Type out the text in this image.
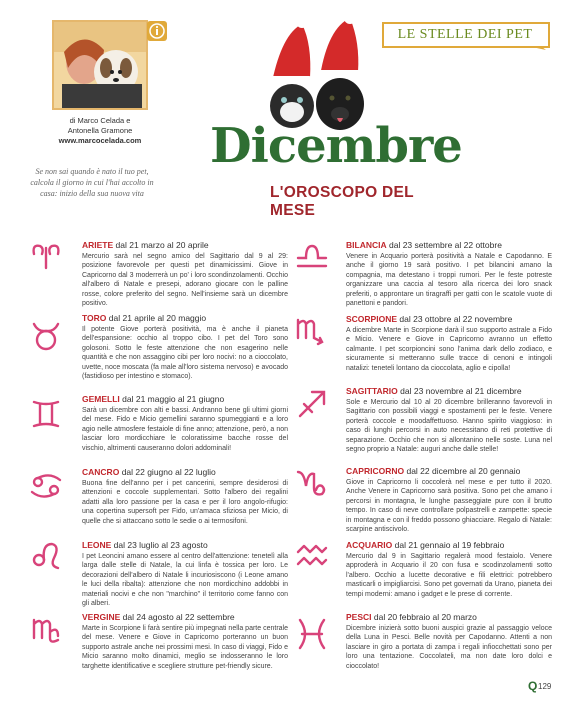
di Marco Celada e
Antonella Gramone
www.marcocelada.com
Se non sai quando è nato il tuo pet, calcola il giorno in cui l'hai accolto in casa: inizio della sua nuova vita
LE STELLE DEI PET
Dicembre
L'OROSCOPO DEL MESE
ARIETE dal 21 marzo al 20 aprile
Mercurio sarà nel segno amico del Sagittario dal 9 al 29: posizione favorevole per questi pet dinamicissimi. Giove in Capricorno dal 3 moderrerà un po' i loro scondinzolamenti. Occhio all'albero di Natale e presepi, adorano giocare con le palline rosse, colore preferito del segno. Nell'insieme sarà un dicembre positivo.
TORO dal 21 aprile al 20 maggio
Il potente Giove porterà positività, ma è anche il pianeta dell'espansione: occhio al troppo cibo. I pet del Toro sono golosoni. Sotto le feste attenzione che non esagerino nelle quantità e che non assaggino cibi per loro nocivi: no a cioccolato, uvette, noce moscata (fa male all'loro sistema nervoso) e avocado (fastidioso per intestino e stomaco).
GEMELLI dal 21 maggio al 21 giugno
Sarà un dicembre con alti e bassi. Andranno bene gli ultimi giorni del mese. Fido e Micio gemellini saranno spumeggianti e a loro agio nelle atmosfere festaiole di fine anno; attenzione, però, a non lasciar loro mordicchiare le coloratissime bacche rosse del vischio, altrimenti causeranno dolori addominali!
CANCRO dal 22 giugno al 22 luglio
Buona fine dell'anno per i pet cancerini, sempre desiderosi di attenzioni e coccole supplementari. Sotto l'albero dei regalini adatti alla loro passione per la casa e per il loro angolo-rifugio: una copertina supersoft per Fido, un'amaca sfiziosa per Micio, di quelle che si attaccano sotto le sedie o ai termosifoni.
LEONE dal 23 luglio al 23 agosto
I pet Leoncini amano essere al centro dell'attenzione: tenetelì alla larga dalle stelle di Natale, la cui linfa è tossica per loro. Le decorazioni dell'albero di Natale li incuriosiscono (i Leone amano le luci della ribalta): attenzione che non mordicchino addobbi in materiali nocivi e che non "marchino" il territorio come fanno con gli alberi.
VERGINE dal 24 agosto al 22 settembre
Marte in Scorpione li farà sentire più impegnati nella parte centrale del mese. Venere e Giove in Capricorno porteranno un buon supporto astrale anche nei prossimi mesi. In caso di viaggi, Fido e Micio saranno molto dinamici, meglio se indosseranno le loro targhette identificative e scegliere strutture pet-friendly sicure.
BILANCIA dal 23 settembre al 22 ottobre
Venere in Acquario porterà positività a Natale e Capodanno. E anche il giorno 19 sarà positivo. I pet bilancini amano la compagnia, ma detestano i troppi rumori. Per le feste potreste organizzare una caccia al tesoro alla ricerca dei loro snack preferiti, o approntare un tiragraffi per gatti con le scatole vuote di panettoni e pandori.
SCORPIONE dal 23 ottobre al 22 novembre
A dicembre Marte in Scorpione darà il suo supporto astrale a Fido e Micio. Venere e Giove in Capricorno avranno un effetto calmante. I pet scorpioncini sono l'anima dark dello zodiaco, e sicuramente si metteranno sulle tracce di cenoni e intingoli natalizi: teneteli lontano da cioccolata, aglio e cipolla!
SAGITTARIO dal 23 novembre al 21 dicembre
Sole e Mercurio dal 10 al 20 dicembre brilleranno favorevoli in Sagittario con possibili viaggi e spostamenti per le feste. Venere porterà coccole e moodaffettuoso. Hanno spirito viaggioso: in caso di lunghi percorsi in auto necessitano di reti protettive di separazione. Occhio che non si allontanino nelle soste. Luna nel segno proprio a Natale: auguri anche dalle stelle!
CAPRICORNO dal 22 dicembre al 20 gennaio
Giove in Capricorno li coccolerà nel mese e per tutto il 2020. Anche Venere in Capricorno sarà positiva. Sono pet che amano i percorsi in montagna, le lunghe passeggiate pure con il brutto tempo. In caso di neve controllare polpastrelli e zampette: specie in montagna e con il freddo possono ghiacciare. Regalo di Natale: scarpine antiscivolo.
ACQUARIO dal 21 gennaio al 19 febbraio
Mercurio dal 9 in Sagittario regalerà mood festaiolo. Venere approderà in Acquario il 20 con fusa e scodinzolamenti sotto l'albero. Occhio a lucette decorative e fili elettrici: potrebbero masticarli o impigliarcisi. Sono pet governati da Urano, pianeta dei tempi moderni: amano i gadget e le prese di corrente.
PESCI dal 20 febbraio al 20 marzo
Dicembre inizierà sotto buoni auspici grazie al passaggio veloce della Luna in Pesci. Belle novità per Capodanno. Attenti a non lasciare in giro a portata di zampa i regali infiocchettati sono per loro una tentazione. Coccolateli, ma non date loro dolci e cioccolato!
Q 129
